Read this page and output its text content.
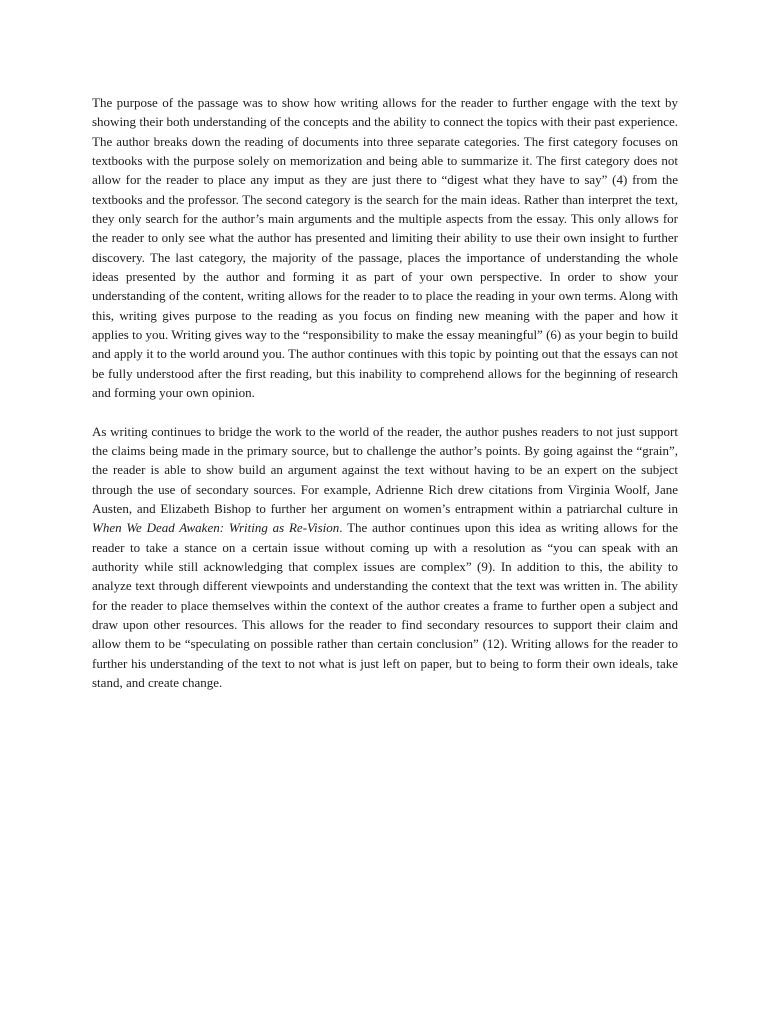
The purpose of the passage was to show how writing allows for the reader to further engage with the text by showing their both understanding of the concepts and the ability to connect the topics with their past experience. The author breaks down the reading of documents into three separate categories. The first category focuses on textbooks with the purpose solely on memorization and being able to summarize it. The first category does not allow for the reader to place any imput as they are just there to “digest what they have to say” (4) from the textbooks and the professor. The second category is the search for the main ideas. Rather than interpret the text, they only search for the author’s main arguments and the multiple aspects from the essay. This only allows for the reader to only see what the author has presented and limiting their ability to use their own insight to further discovery. The last category, the majority of the passage, places the importance of understanding the whole ideas presented by the author and forming it as part of your own perspective. In order to show your understanding of the content, writing allows for the reader to to place the reading in your own terms. Along with this, writing gives purpose to the reading as you focus on finding new meaning with the paper and how it applies to you. Writing gives way to the “responsibility to make the essay meaningful” (6) as your begin to build and apply it to the world around you. The author continues with this topic by pointing out that the essays can not be fully understood after the first reading, but this inability to comprehend allows for the beginning of research and forming your own opinion.

As writing continues to bridge the work to the world of the reader, the author pushes readers to not just support the claims being made in the primary source, but to challenge the author’s points. By going against the “grain”, the reader is able to show build an argument against the text without having to be an expert on the subject through the use of secondary sources. For example, Adrienne Rich drew citations from Virginia Woolf, Jane Austen, and Elizabeth Bishop to further her argument on women’s entrapment within a patriarchal culture in When We Dead Awaken: Writing as Re-Vision. The author continues upon this idea as writing allows for the reader to take a stance on a certain issue without coming up with a resolution as “you can speak with an authority while still acknowledging that complex issues are complex” (9). In addition to this, the ability to analyze text through different viewpoints and understanding the context that the text was written in. The ability for the reader to place themselves within the context of the author creates a frame to further open a subject and draw upon other resources. This allows for the reader to find secondary resources to support their claim and allow them to be “speculating on possible rather than certain conclusion” (12). Writing allows for the reader to further his understanding of the text to not what is just left on paper, but to being to form their own ideals, take stand, and create change.
